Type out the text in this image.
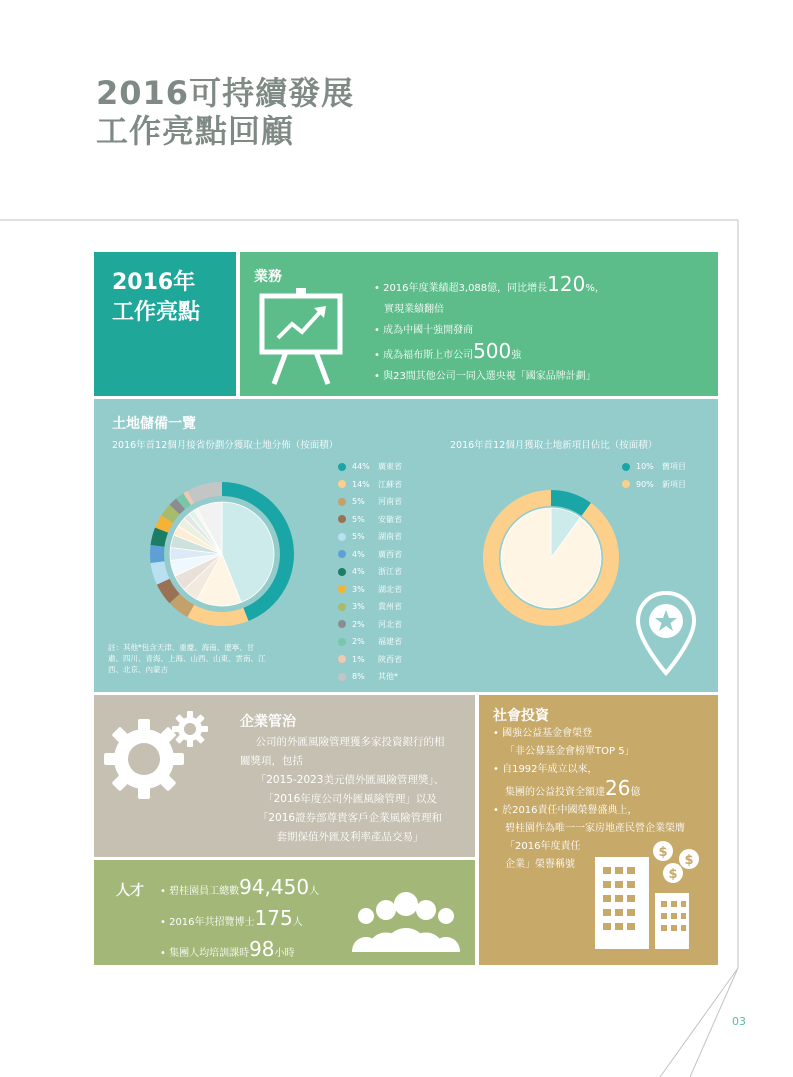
2016可持續發展
工作亮點回顧
2016年
工作亮點
業務
• 2016年度業績超3,088億，同比增長120%，
實現業績翻倍
• 成為中國十強開發商
• 成為福布斯上市公司500強
• 與23間其他公司一同入選央視「國家品牌計劃」
土地儲備一覽
2016年首12個月接省份劃分獲取土地分佈（按面積）	2016年首12個月獲取土地新項目佔比（按面積）
44%	廣東省
14%	江蘇省
5%	河南省
5%	安徽省
5%	湖南省
4%	廣西省
4%	浙江省
3%	湖北省
3%	貴州省
2%	河北省
2%	福建省
1%	陝西省
8%	其他*
10%	舊項目
90%	新項目
註：其他*包含天津、重慶、海南、遼寧、甘肅、四川、青海、上海、山西、山東、雲南、江西、北京、內蒙古
企業管治
公司的外匯風險管理獲多家投資銀行的相
關獎項，包括
「2015-2023美元債外匯風險管理獎」、
「2016年度公司外匯風險管理」以及
「2016證券部尊貴客戶企業風險管理和
套期保值外匯及利率產品交易」
社會投資
• 國強公益基金會榮登
「非公募基金會榜單TOP 5」
• 自1992年成立以來，
集團的公益投資全額達26億
• 於2016責任中國榮譽盛典上，
碧桂園作為唯一一家房地產民營企業榮膺
「2016年度責任
企業」榮譽稱號
$
$
$
人才 • 碧桂園員工總數94,450人
• 2016年共招覽博士175人
• 集團人均培訓課時98小時
03
